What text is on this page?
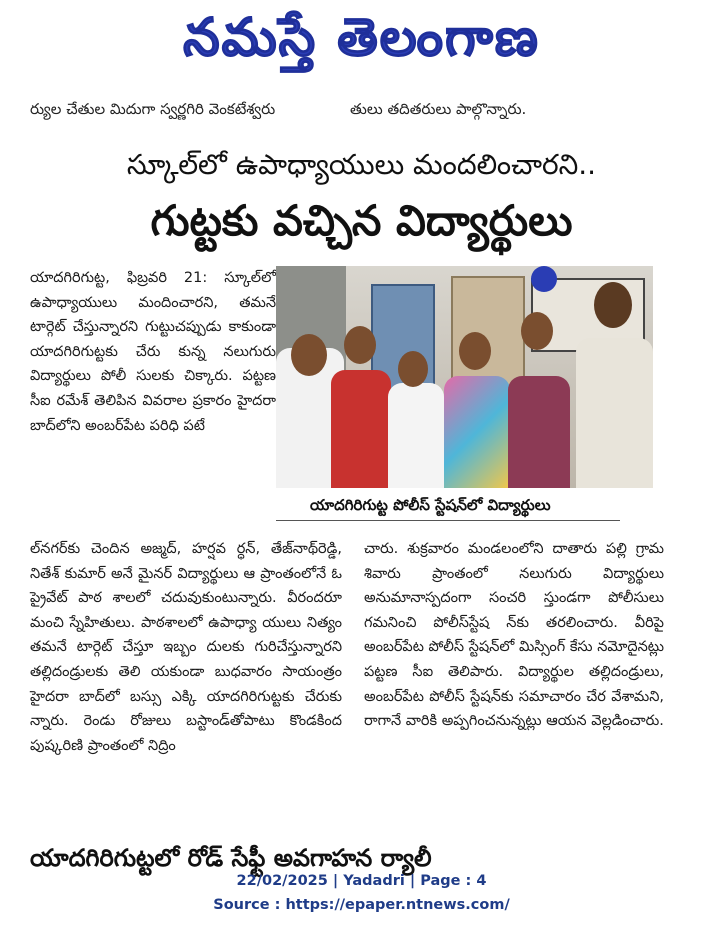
నమస్తే తెలంగాణ
ర్యుల చేతుల మిదుగా స్వర్ణగిరి వెంకటేశ్వరు	తులు తదితరులు పాల్గొన్నారు.
స్కూల్‌లో ఉపాధ్యాయులు మందలించారని..
గుట్టకు వచ్చిన విద్యార్థులు
యాదగిరిగుట్ట, ఫిబ్రవరి 21: స్కూల్‌లో ఉపాధ్యాయులు మందించారని, తమనే టార్గెట్ చేస్తున్నారని గుట్టుచప్పుడు కాకుండా యాదగిరిగుట్టకు చేరు కున్న నలుగురు విద్యార్థులు పోలీ సులకు చిక్కారు. పట్టణ సీఐ రమేశ్ తెలిపిన వివరాల ప్రకారం హైదరా బాద్‌లోని అంబర్‌పేట పరిధి పటే
యాదగిరిగుట్ట పోలీస్ స్టేషన్‌లో విద్యార్థులు
ల్‌నగర్‌కు చెందిన అజ్మద్, హర్షవ ర్ధన్, తేజ్‌నాథ్‌రెడ్డి, నితేశ్ కుమార్ అనే మైనర్ విద్యార్థులు ఆ ప్రాంతంలోనే ఓ ప్రైవేట్ పాఠ శాలలో చదువుకుంటున్నారు. వీరందరూ మంచి స్నేహితులు. పాఠశాలలో ఉపాధ్యా యులు నిత్యం తమనే టార్గెట్ చేస్తూ ఇబ్బం దులకు గురిచేస్తున్నారని తల్లిదండ్రులకు తెలి యకుండా బుధవారం సాయంత్రం హైదరా బాద్‌లో బస్సు ఎక్కి యాదగిరిగుట్టకు చేరుకు న్నారు. రెండు రోజులు బస్టాండ్‌తోపాటు కొండకింద పుష్కరిణి ప్రాంతంలో నిద్రిం
చారు. శుక్రవారం మండలంలోని దాతారు పల్లి గ్రామ శివారు ప్రాంతంలో నలుగురు విద్యార్థులు అనుమానాస్పదంగా సంచరి స్తుండగా పోలీసులు గమనించి పోలీస్‌స్టేష న్‌కు తరలించారు. వీరిపై అంబర్‌పేట పోలీస్ స్టేషన్‌లో మిస్సింగ్ కేసు నమోదైనట్లు పట్టణ సీఐ తెలిపారు. విద్యార్థుల తల్లిదండ్రులు, అంబర్‌పేట పోలీస్ స్టేషన్‌కు సమాచారం చేర వేశామని, రాగానే వారికి అప్పగించనున్నట్లు ఆయన వెల్లడించారు.
యాదగిరిగుట్టలో రోడ్ సేఫ్టీ అవగాహన ర్యాలీ
22/02/2025 | Yadadri | Page : 4
Source : https://epaper.ntnews.com/
